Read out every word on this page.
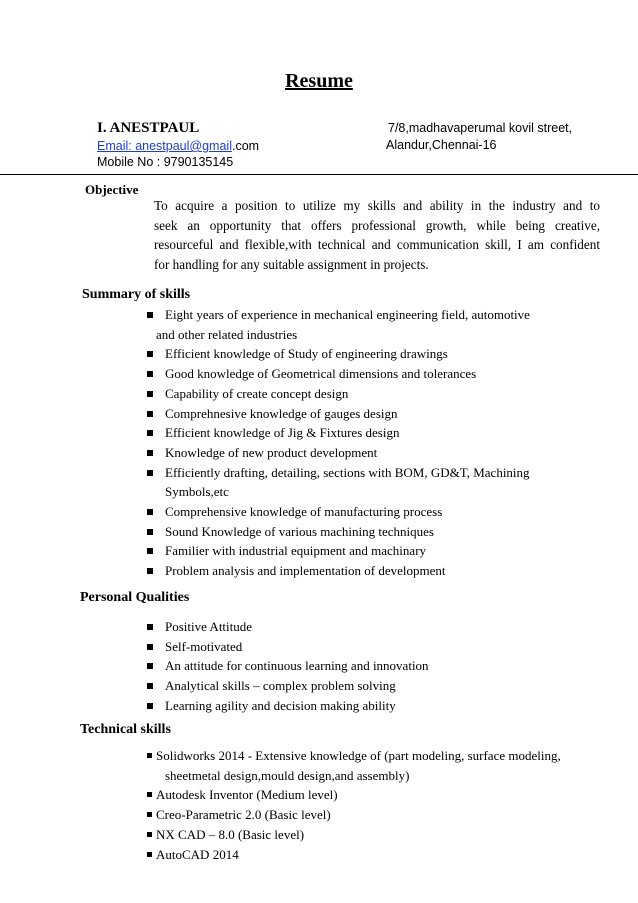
Resume
I. ANESTPAUL
Email: anestpaul@gmail.com
Mobile No : 9790135145
7/8,madhavaperumal kovil street,
Alandur,Chennai-16
Objective

To acquire a position to utilize my skills and ability in the industry and to

seek an opportunity that offers professional growth, while being creative,

resourceful and flexible,with technical and communication skill, I am confident

for handling for any suitable assignment in projects.

Summary of skills
Eight years of experience in mechanical engineering field, automotive
and other related industries
Efficient knowledge of Study of engineering drawings
Good knowledge of Geometrical dimensions and tolerances
Capability of create concept design
Comprehnesive knowledge of gauges design
Efficient knowledge of Jig & Fixtures design
Knowledge of new product development
Efficiently drafting, detailing, sections with BOM, GD&T, Machining
Symbols,etc
Comprehensive knowledge of manufacturing process
Sound Knowledge of various machining techniques
Familier with industrial equipment and machinary
Problem analysis and implementation of development
Personal Qualities
Positive Attitude
Self-motivated
An attitude for continuous learning and innovation
Analytical skills – complex problem solving
Learning agility and decision making ability
Technical skills
Solidworks 2014 - Extensive knowledge of (part modeling, surface modeling,
sheetmetal design,mould design,and assembly)
Autodesk Inventor (Medium level)
Creo-Parametric 2.0 (Basic level)
NX CAD – 8.0 (Basic level)
AutoCAD 2014
